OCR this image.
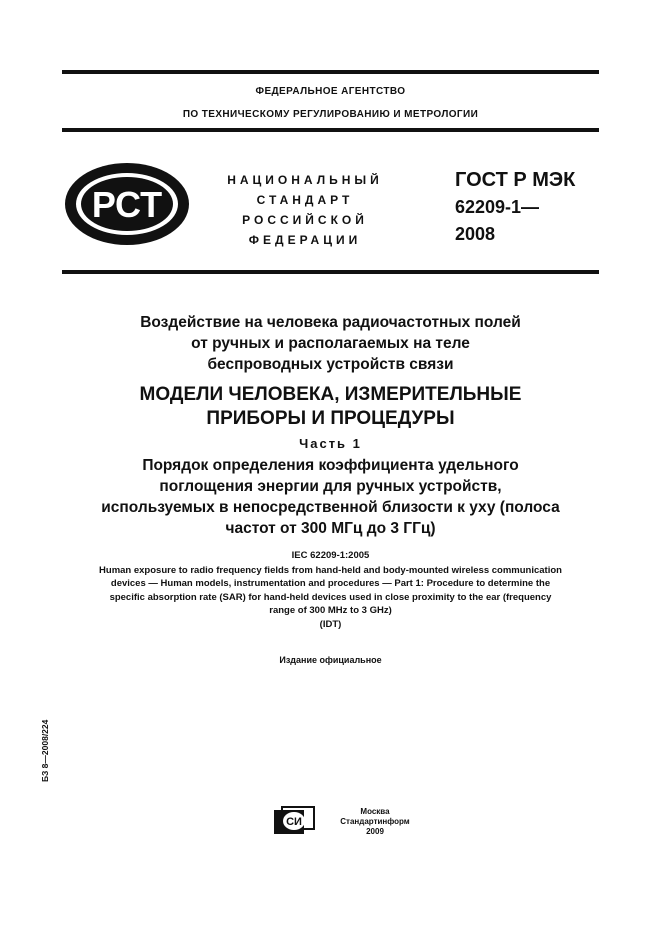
ФЕДЕРАЛЬНОЕ АГЕНТСТВО
ПО ТЕХНИЧЕСКОМУ РЕГУЛИРОВАНИЮ И МЕТРОЛОГИИ
РСТ
НАЦИОНАЛЬНЫЙ
СТАНДАРТ
РОССИЙСКОЙ
ФЕДЕРАЦИИ
ГОСТ Р МЭК
62209-1—
2008
Воздействие на человека радиочастотных полей
от ручных и располагаемых на теле
беспроводных устройств связи
МОДЕЛИ ЧЕЛОВЕКА, ИЗМЕРИТЕЛЬНЫЕ
ПРИБОРЫ И ПРОЦЕДУРЫ
Часть 1
Порядок определения коэффициента удельного
поглощения энергии для ручных устройств,
используемых в непосредственной близости к уху (полоса
частот от 300 МГц до 3 ГГц)
IEC 62209-1:2005
Human exposure to radio frequency fields from hand-held and body-mounted wireless communication
devices — Human models, instrumentation and procedures — Part 1: Procedure to determine the
specific absorption rate (SAR) for hand-held devices used in close proximity to the ear (frequency
range of 300 MHz to 3 GHz)
(IDT)
Издание официальное
БЗ 8—2008/224
СИ
Москва
Стандартинформ
2009
